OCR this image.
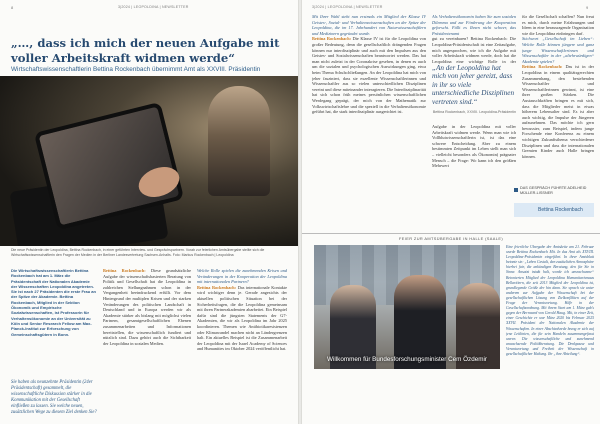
8	3|2024 | LEOPOLDINA | NEWSLETTER
„…, dass ich mich der neuen Aufgabe mit voller Arbeitskraft widmen werde“
Wirtschaftswissenschaftlerin Bettina Rockenbach übernimmt Amt als XXVIII. Präsidentin
Die neue Präsidentin der Leopoldina, Bettina Rockenbach, in einer geführten Interview- und Gesprächspartnern. Vorab zur feierlichen Amtsübergabe stellte sich die Wirtschaftswissenschaftlerin den Fragen der Medien in der Berliner Landesvertretung Sachsen-Anhalts. Foto: Markus Rockenbach | Leopoldina
Die Wirtschaftswissenschaftlerin Bettina Rockenbach hat am 1. März die Präsidentschaft der Nationalen Akademie der Wissenschaften Leopoldina angetreten. Sie ist nach 27 Präsidenten die erste Frau an der Spitze der Akademie. Bettina Rockenbach, Mitglied in der Sektion Ökonomik und Empirische Sozialwissenschaften, ist Professorin für Verhaltensökonomie an der Universität zu Köln und Senior Research Fellow am Max-Planck-Institut zur Erforschung von Gemeinschaftsgütern in Bonn.
Sie haben als neunzehnte Präsidentin (24er Präsidentschaft) gesammelt, die wissenschaftliche Diskussion stärker in die Kommunikation mit der Gesellschaft einfließen zu lassen. Sie welche neuen, zusätzlichen Wege zu diesem Ziel denken Sie?
Bettina Rockenbach: Diese grundsätzliche Aufgabe der wissenschaftsbasierten Beratung von Politik und Gesellschaft hat die Leopoldina in zahlreichen Stellungnahmen schon in der Vergangenheit beeindruckend erfüllt. Vor dem Hintergrund der multiplen Krisen und der starken Veränderungen des politischen Landschaft in Deutschland und in Europa werden wir als Akademie stärker als bislang mit möglichst vielen Partnern, gesamtgesellschaftlichen Ebenen zusammenarbeiten und Informationen bereitstellen, die wissenschaftlich fundiert und nützlich sind. Dazu gehört auch die Sichtbarkeit der Leopoldina in sozialen Medien.

Welche Rolle spielen die zunehmenden Krisen und Veränderungen in der Kooperation der Leopoldina mit internationalen Partnern?

Bettina Rockenbach: Das internationale Kontakte wird wichtiger denn je. Gerade angesichts der aktuellen politischen Situation bei der Sicherheitsfragen, die die Leopoldina gemeinsam mit ihren Partnerakademien abarbeitet. Ein Beispiel dafür sind die jüngsten Statements der G7-Akademien, die wir als Leopoldina im Jahr 2025 koordinieren. Themen wie Antibiotikaresistenzen oder Klimawandel machen nicht an Ländergrenzen halt. Ein aktuelles Beispiel ist die Zusammenarbeit der Leopoldina mit der Israel Academy of Sciences and Humanities im Oktober 2024 veröffentlicht hat.
3|2024 | LEOPOLDINA | NEWSLETTER	9

Mit Ihrer Wahl steht nun erstmals ein Mitglied der Klasse IV Geistes-, Sozial- und Verhaltenswissenschaften an der Spitze der Leopoldina, die im 17. Jahrhundert von Naturwissenschaftlern und Medizinern gegründet wurde.

Bettina Rockenbach: Die Klasse IV ist für die Leopoldina von großer Bedeutung, denn die gesellschaftlich drängenden Fragen können nur interdisziplinär und auch mit den Impulsen aus den Geistes- und Sozialwissenschaften beantwortet werden. Das hat man nicht zuletzt in der Coronakrise gesehen, in denen es auch um die sozialen und psychologischen Auswirkungen ging, etwa beim Thema Schulschließungen. An der Leopoldina hat mich von jeher fasziniert, dass sie exzellente Wissenschaftlerinnen und Wissenschaftler aus so vielen unterschiedlichen Disziplinen vereint und diese miteinander interagieren. Die Interdisziplinarität hat sich schon früh meines persönlichen wissenschaftlichen Werdegang geprägt, der mich von der Mathematik zur Volkswirtschaftslehre und die speziell in die Verhaltensökonomie geführt hat, die stark interdisziplinär ausgerichtet ist.

Als Verhaltensökonomin haben Sie zum sozialen Dilemma und zur Förderung der Kooperation geforscht. Fällt es Ihnen nicht schwer, das Präsidentenamt

gut zu vereinbaren? Bettina Rockenbach: Die Leopoldina-Präsidentschaft ist eine Zeitaufgabe, mich angesprochen, wie ich die Aufgabe mit voller Arbeitskraft widmen werde, doch hat die Leopoldina eine wichtige Rolle in der
„An der Leopoldina hat mich von jeher gereizt, dass in ihr so viele unterschiedliche Disziplinen vertreten sind.“
Bettina Rockenbach, XXVIII. Leopoldina-Präsidentin
Aufgabe in der Leopoldina mit voller Arbeitskraft widmen werde. Wenn man wie ich Vollblutwissenschaftlerin ist, ist das eine schwere Entscheidung. Aber zu einem bestimmten Zeitpunkt im Leben stellt man sich – vielleicht besonders als Ökonomin) prägnater Mensch – die Frage: Wo kann ich den größten Mehrwert
für die Gesellschaft schaffen? Nun freut es mich, durch meine Erfahrungen und Ideen in eine herausragende Organisation wie die Leopoldina einbringen darf.

Stichwort „Gesellschaft im Lieben“: Welche Rolle können jüngere und ganz junge Wissenschaftlerinnen und Wissenschaftler in der „altehrwürdigen“ Akademie spielen?

Bettina Rockenbach: Das ist in der Leopoldina in einem qualitätsgerechten Zusammenhang, den bestehenden Wissenschaftler und Wissenschaftlerinnen gewinnt, ist eine ihrer großen Stärken. Die Austauschkräften bringen es mit sich, dass die Mitglieder meist in etwas höherem Lebensalter sind. Es ist aber auch wichtig, die Impulse der Jüngeren aufzunehmen. Das möchte ich gern bewusster, zum Beispiel, indem junge Forschende eine Konferenz zu einem wichtigen Zukunftsthema verschiedener Disziplinen und dass die internationalen Gremien Kinder auch Halle bringen können.
DAS GESPRÄCH FÜHRTE ADELHEID MÜLLER-LISSNER
Bettina Rockenbach
FEIER ZUR AMTSÜBERGABE IN HALLE (SAALE)
Willkommen für Bundesforschungsminister Cem Özdemir
Eine feierliche Übergabe der Amtskette am 21. Februar wurde Bettina Rockenbach Mit. In das Amt als XXVIII. Leopoldina-Präsidentin eingeführt. In ihrer Amtsblatt betonte sie: „Leben Gestalt, den zusätzlichen Atmosphäre hierbei fair, die ankündigen Beratung, den für Sie in Sinne. Ansatzt intakt halt, worde ich unsrachwane“ Betonierten Mitglied der Leopoldina Humanitarismaus Bellaritiern, die seit 2013 Mitglied der Leopoldina ist, grundlegende Größe der hin dann. Sie sprach sie unter anderem zur Aufgabe der Wissenschaft bei der gesellschaftlichen Lösung von Zielkonflikten auf der Frage der Verantwortung. Hilfe in der Gesellschaftsordnung. Mit ihrem Start am 1. März gab's gegen der Bernward von Gerold Haug. Mit, in einer Zeit, einer Geschichte er war März 2020 bis Februar 2025 XXVII. Präsident der Nationalen Akademie der Wissenschaften. In einer Abschiedsrede bezog er sich auf jene Leitlinien, die für sein Handeln zusammengefasst waren. Die wissenschaftliche und zunehmend anwachsende Politikberatung. Die Denkpause und Verantwortung und Freiheit der Wissenschaft in gesellschaftlicher Haltung. Ihr „ihre Abteilung“.
